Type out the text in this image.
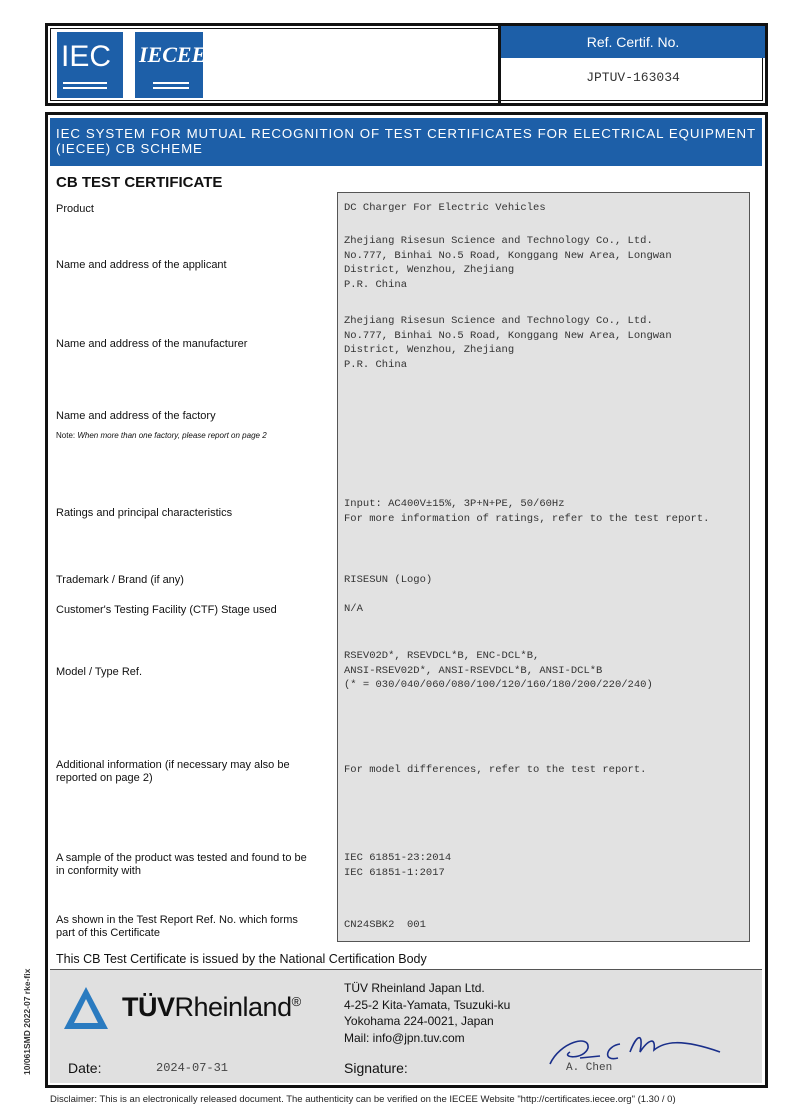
IEC	IECEE	Ref. Certif. No.
JPTUV-163034
IEC SYSTEM FOR MUTUAL RECOGNITION OF TEST CERTIFICATES FOR ELECTRICAL EQUIPMENT (IECEE) CB SCHEME
CB TEST CERTIFICATE
Product	DC Charger For Electric Vehicles
Name and address of the applicant
Zhejiang Risesun Science and Technology Co., Ltd.
No.777, Binhai No.5 Road, Konggang New Area, Longwan
District, Wenzhou, Zhejiang
P.R. China
Name and address of the manufacturer
Zhejiang Risesun Science and Technology Co., Ltd.
No.777, Binhai No.5 Road, Konggang New Area, Longwan
District, Wenzhou, Zhejiang
P.R. China
Name and address of the factory
Note: When more than one factory, please report on page 2
Ratings and principal characteristics
Input: AC400V±15%, 3P+N+PE, 50/60Hz
For more information of ratings, refer to the test report.
Trademark / Brand (if any)	RISESUN (Logo)
Customer's Testing Facility (CTF) Stage used	N/A
Model / Type Ref.
RSEV02D*, RSEVDCL*B, ENC-DCL*B,
ANSI-RSEV02D*, ANSI-RSEVDCL*B, ANSI-DCL*B
(* = 030/040/060/080/100/120/160/180/200/220/240)
Additional information (if necessary may also be reported on page 2)
For model differences, refer to the test report.
A sample of the product was tested and found to be in conformity with
IEC 61851-23:2014
IEC 61851-1:2017
As shown in the Test Report Ref. No. which forms part of this Certificate
CN24SBK2  001
This CB Test Certificate is issued by the National Certification Body
TÜVRheinland®
TÜV Rheinland Japan Ltd.
4-25-2 Kita-Yamata, Tsuzuki-ku
Yokohama 224-0021, Japan
Mail: info@jpn.tuv.com
Date:	2024-07-31	Signature:	A. Chen
10/061SMD 2022-07 rke-fix
Disclaimer: This is an electronically released document. The authenticity can be verified on the IECEE Website "http://certificates.iecee.org" (1.30 / 0)
